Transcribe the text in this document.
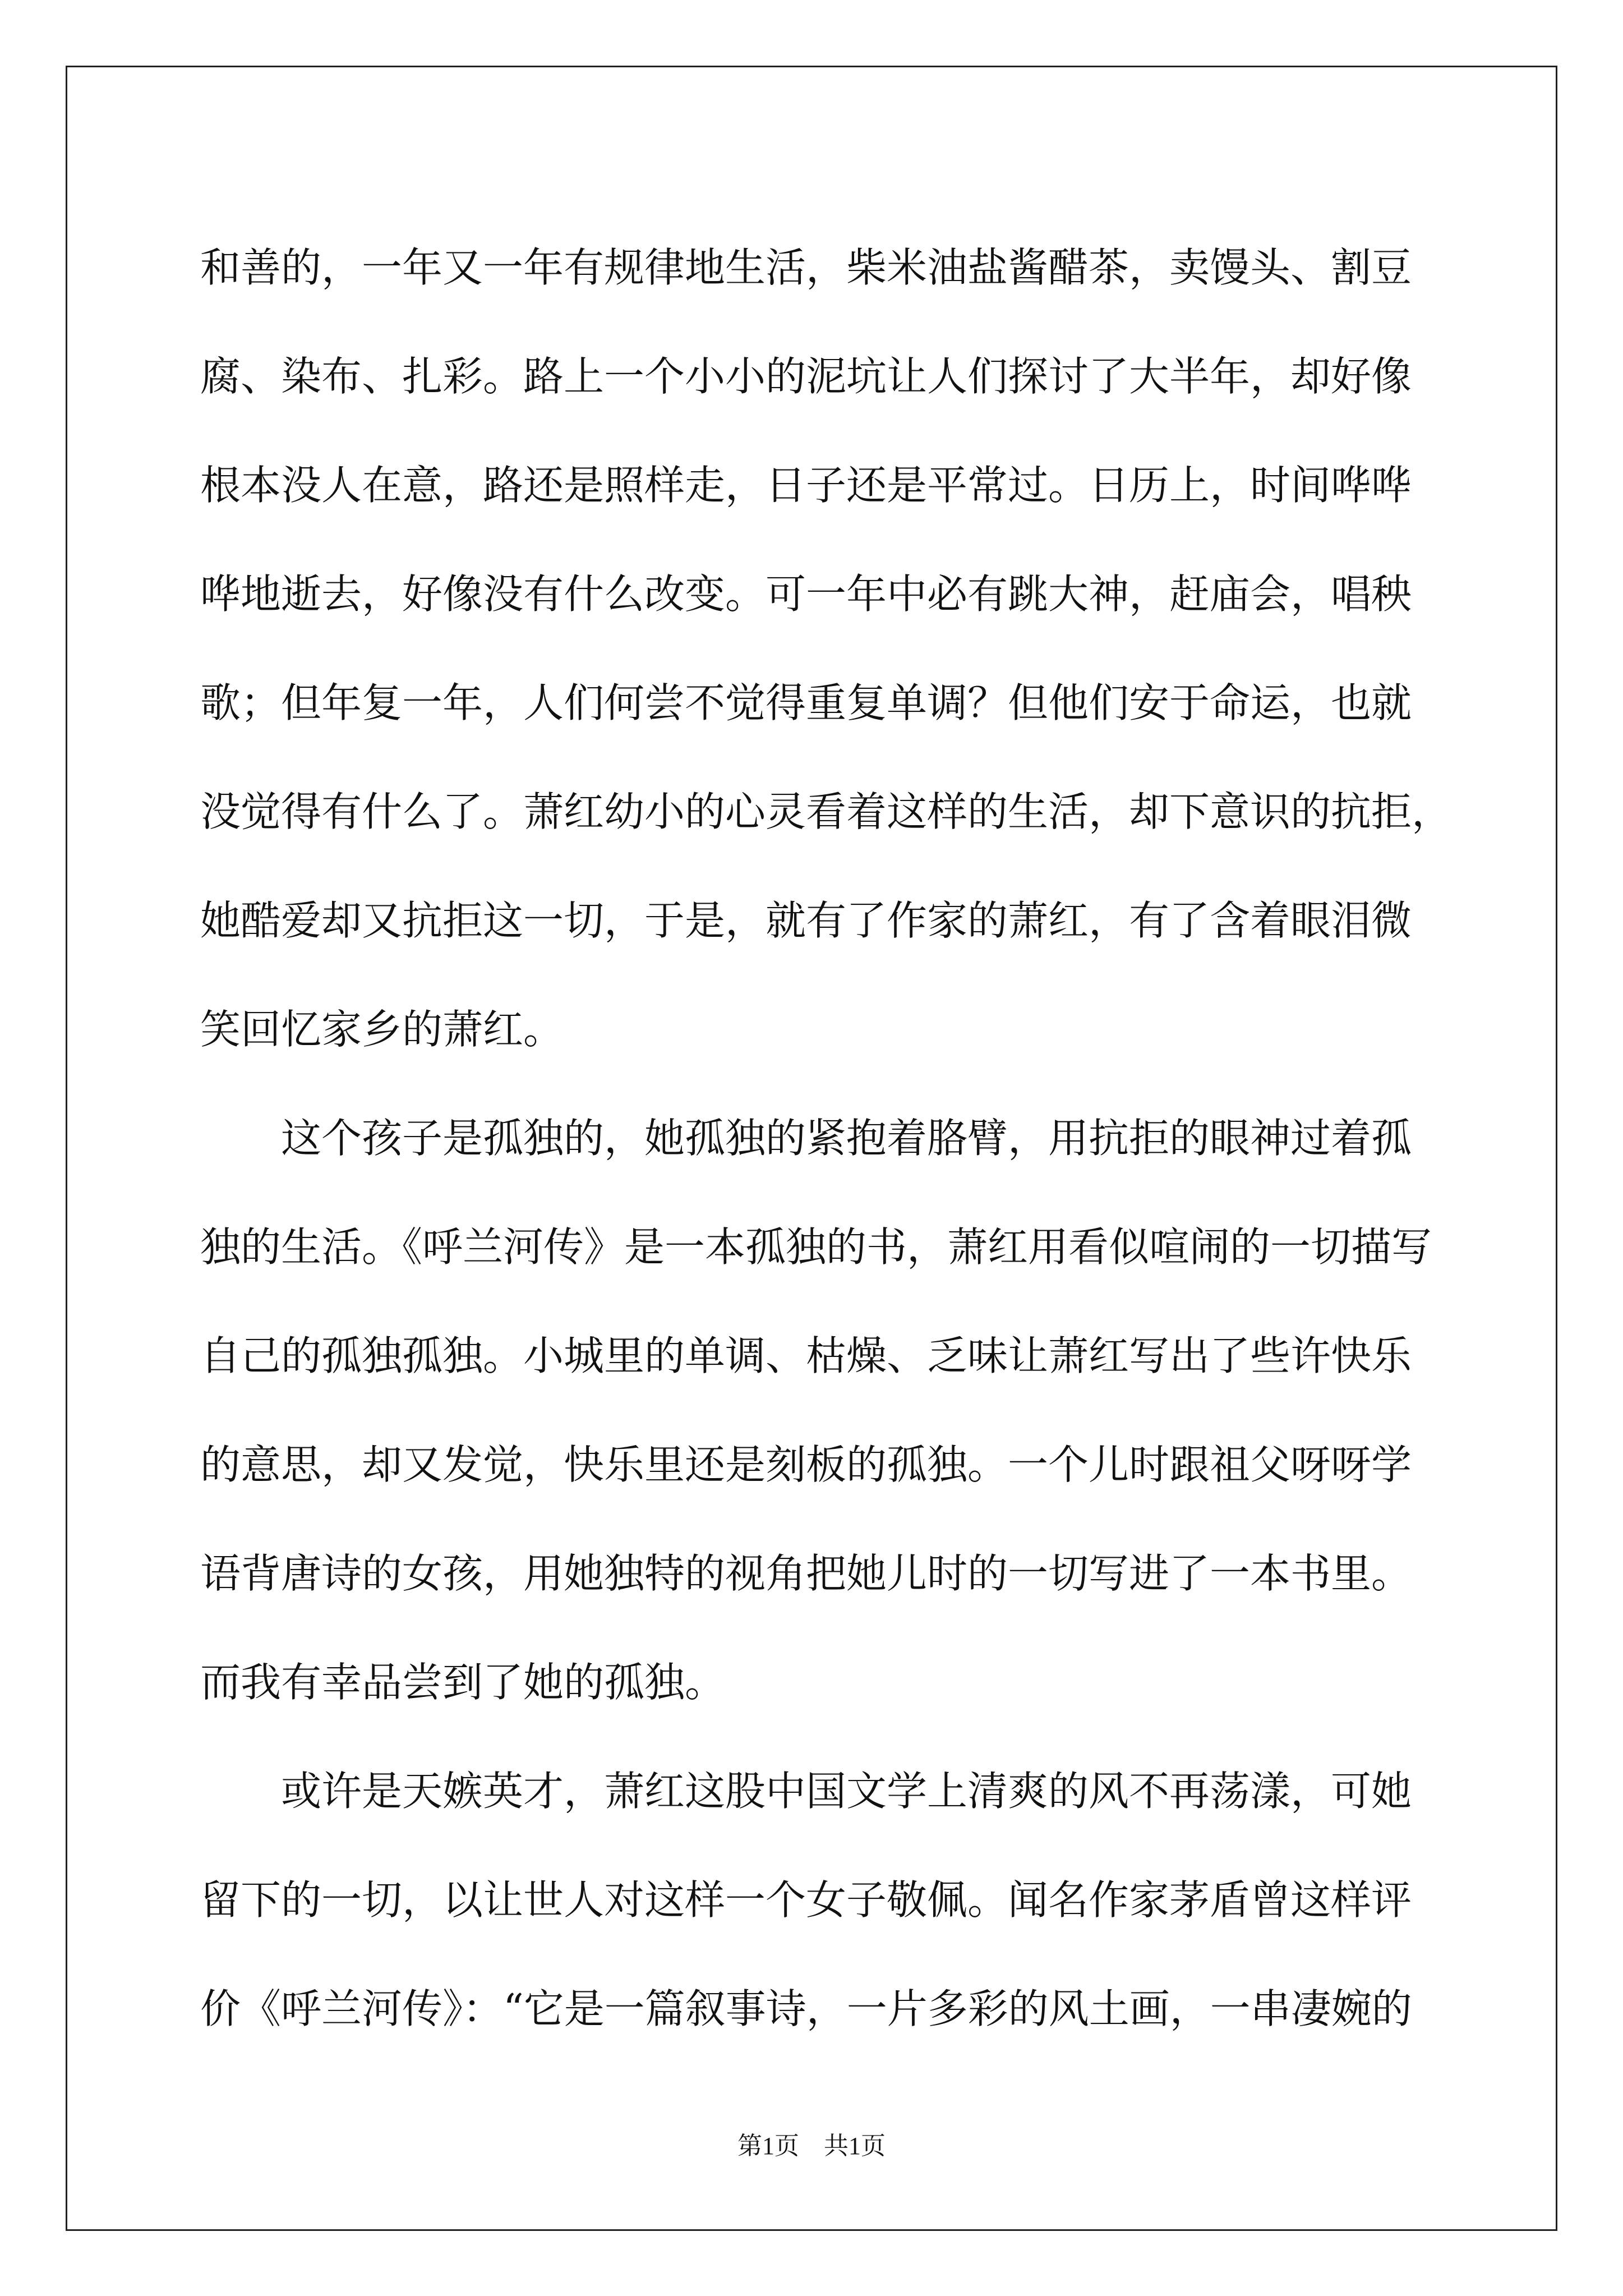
和善的，一年又一年有规律地生活，柴米油盐酱醋茶，卖馒头、割豆
腐、染布、扎彩。路上一个小小的泥坑让人们探讨了大半年，却好像
根本没人在意，路还是照样走，日子还是平常过。日历上，时间哗哗
哗地逝去，好像没有什么改变。可一年中必有跳大神，赶庙会，唱秧
歌；但年复一年，人们何尝不觉得重复单调？但他们安于命运，也就
没觉得有什么了。萧红幼小的心灵看着这样的生活，却下意识的抗拒，
她酷爱却又抗拒这一切，于是，就有了作家的萧红，有了含着眼泪微
笑回忆家乡的萧红。
这个孩子是孤独的，她孤独的紧抱着胳臂，用抗拒的眼神过着孤
独的生活。《呼兰河传》是一本孤独的书，萧红用看似喧闹的一切描写
自己的孤独孤独。小城里的单调、枯燥、乏味让萧红写出了些许快乐
的意思，却又发觉，快乐里还是刻板的孤独。一个儿时跟祖父呀呀学
语背唐诗的女孩，用她独特的视角把她儿时的一切写进了一本书里。
而我有幸品尝到了她的孤独。
或许是天嫉英才，萧红这股中国文学上清爽的风不再荡漾，可她
留下的一切，以让世人对这样一个女子敬佩。闻名作家茅盾曾这样评
价《呼兰河传》：“它是一篇叙事诗，一片多彩的风土画，一串凄婉的
第1页　共1页
